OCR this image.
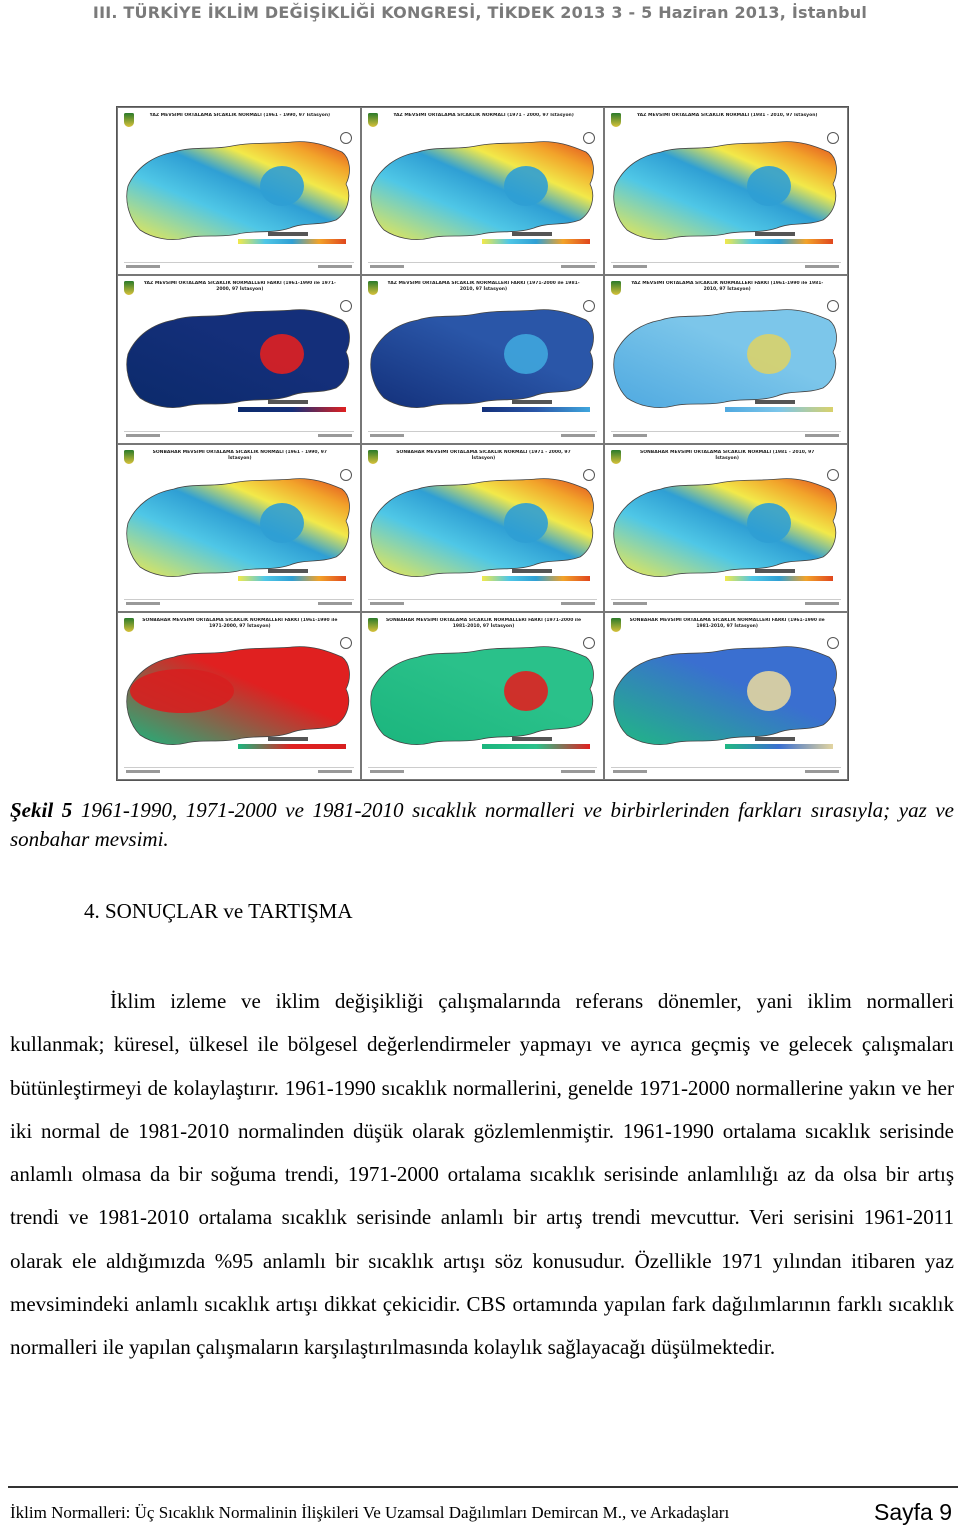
III. TÜRKİYE İKLİM DEĞİŞİKLİĞİ KONGRESİ, TİKDEK 2013 3 - 5 Haziran 2013, İstanbul
YAZ MEVSİMİ ORTALAMA SICAKLIK NORMALİ (1961 - 1990, 97 İstasyon)	YAZ MEVSİMİ ORTALAMA SICAKLIK NORMALİ (1971 - 2000, 97 İstasyon)	YAZ MEVSİMİ ORTALAMA SICAKLIK NORMALİ (1981 - 2010, 97 İstasyon)
YAZ MEVSİMİ ORTALAMA SICAKLIK NORMALLERİ FARKI (1961-1990 ile 1971-2000, 97 İstasyon)
YAZ MEVSİMİ ORTALAMA SICAKLIK NORMALLERİ FARKI (1971-2000 ile 1981-2010, 97 İstasyon)
YAZ MEVSİMİ ORTALAMA SICAKLIK NORMALLERİ FARKI (1961-1990 ile 1981-2010, 97 İstasyon)
SONBAHAR MEVSİMİ ORTALAMA SICAKLIK NORMALİ (1961 - 1990, 97 İstasyon)
SONBAHAR MEVSİMİ ORTALAMA SICAKLIK NORMALİ (1971 - 2000, 97 İstasyon)
SONBAHAR MEVSİMİ ORTALAMA SICAKLIK NORMALİ (1981 - 2010, 97 İstasyon)
SONBAHAR MEVSİMİ ORTALAMA SICAKLIK NORMALLERİ FARKI (1961-1990 ile 1971-2000, 97 İstasyon)
SONBAHAR MEVSİMİ ORTALAMA SICAKLIK NORMALLERİ FARKI (1971-2000 ile 1981-2010, 97 İstasyon)
SONBAHAR MEVSİMİ ORTALAMA SICAKLIK NORMALLERİ FARKI (1961-1990 ile 1981-2010, 97 İstasyon)
Şekil 5 1961-1990, 1971-2000 ve 1981-2010 sıcaklık normalleri ve birbirlerinden farkları sırasıyla; yaz ve sonbahar mevsimi.
4. SONUÇLAR ve TARTIŞMA
İklim izleme ve iklim değişikliği çalışmalarında referans dönemler, yani iklim normalleri kullanmak; küresel, ülkesel ile bölgesel değerlendirmeler yapmayı ve ayrıca geçmiş ve gelecek çalışmaları bütünleştirmeyi de kolaylaştırır. 1961-1990 sıcaklık normallerini, genelde 1971-2000 normallerine yakın ve her iki normal de 1981-2010 normalinden düşük olarak gözlemlenmiştir. 1961-1990 ortalama sıcaklık serisinde anlamlı olmasa da bir soğuma trendi, 1971-2000 ortalama sıcaklık serisinde anlamlılığı az da olsa bir artış trendi ve 1981-2010 ortalama sıcaklık serisinde anlamlı bir artış trendi mevcuttur. Veri serisini 1961-2011 olarak ele aldığımızda %95 anlamlı bir sıcaklık artışı söz konusudur. Özellikle 1971 yılından itibaren yaz mevsimindeki anlamlı sıcaklık artışı dikkat çekicidir. CBS ortamında yapılan fark dağılımlarının farklı sıcaklık normalleri ile yapılan çalışmaların karşılaştırılmasında kolaylık sağlayacağı düşülmektedir.
İklim Normalleri: Üç Sıcaklık Normalinin İlişkileri Ve Uzamsal Dağılımları Demircan M., ve Arkadaşları	Sayfa 9
